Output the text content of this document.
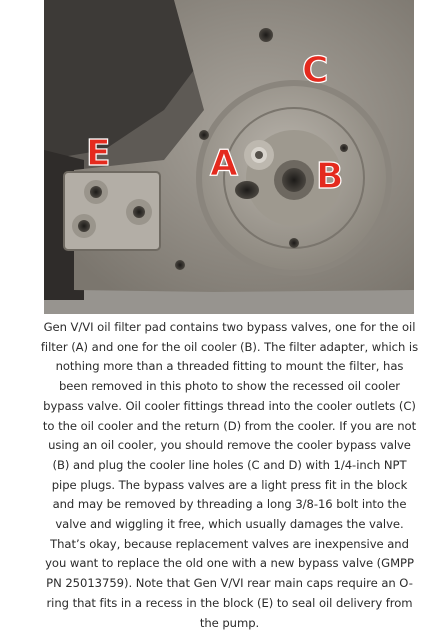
C
E	A B

Gen V/VI oil filter pad contains two bypass valves, one for the oil filter (A) and one for the oil cooler (B). The filter adapter, which is nothing more than a threaded fitting to mount the filter, has been removed in this photo to show the recessed oil cooler bypass valve. Oil cooler fittings thread into the cooler outlets (C) to the oil cooler and the return (D) from the cooler. If you are not using an oil cooler, you should remove the cooler bypass valve (B) and plug the cooler line holes (C and D) with 1/4-inch NPT pipe plugs. The bypass valves are a light press fit in the block and may be removed by threading a long 3/8-16 bolt into the valve and wiggling it free, which usually damages the valve. That’s okay, because replacement valves are inexpensive and you want to replace the old one with a new bypass valve (GMPP PN 25013759). Note that Gen V/VI rear main caps require an O-ring that fits in a recess in the block (E) to seal oil delivery from the pump.
